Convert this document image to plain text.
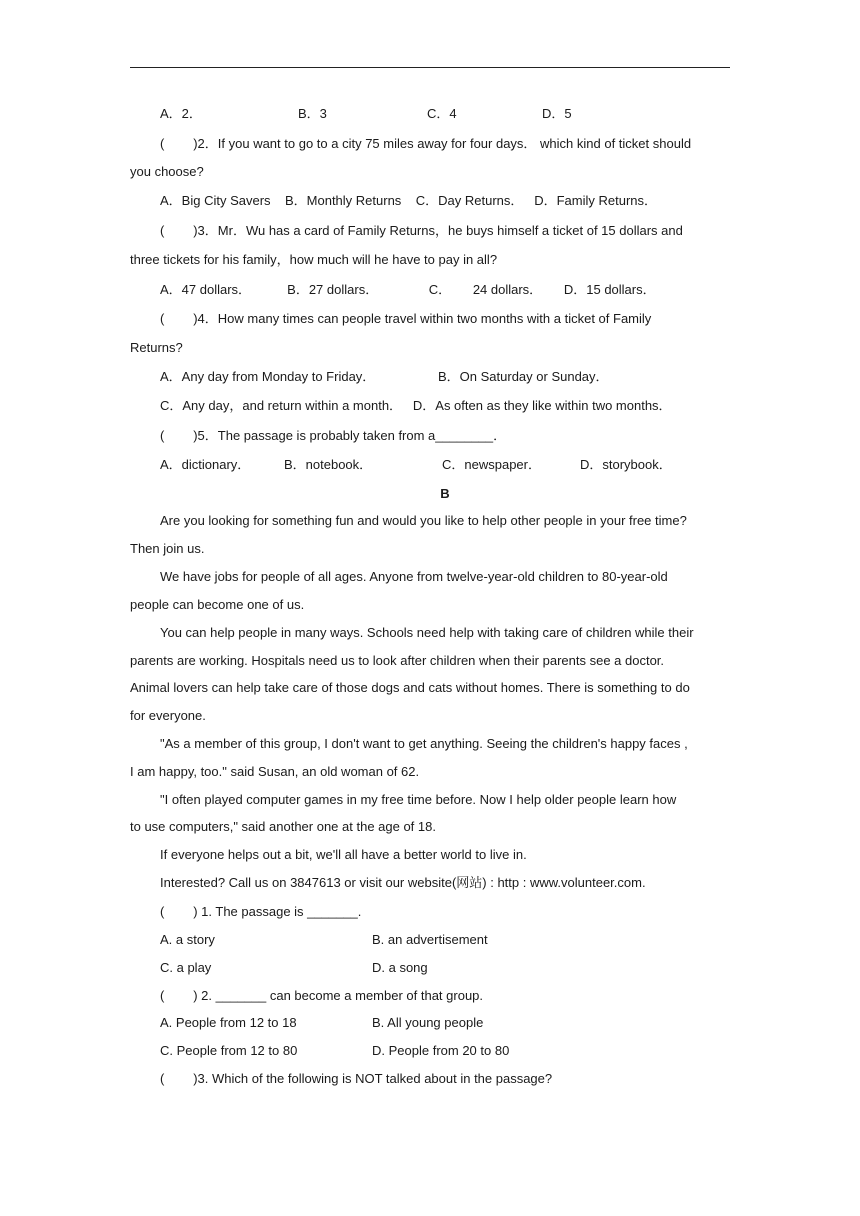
A．2．	B．3	C．4	D．5
(        )2．If you want to go to a city 75 miles away for four days． which kind of ticket should
you choose?
A．Big City Savers    B．Monthly Returns    C．Day Returns．   D．Family Returns．
(        )3．Mr．Wu has a card of Family Returns，he buys himself a ticket of 15 dollars and
three tickets for his family，how much will he have to pay in all?
A．47 dollars．          B．27 dollars．              C．      24 dollars．      D．15 dollars．
(        )4．How many times can people travel within two months with a ticket of Family
Returns?
A．Any day from Monday to Friday．	B．On Saturday or Sunday．
C．Any day，and return within a month．   D．As often as they like within two months．
(        )5．The passage is probably taken from a________．
A．dictionary．	B．notebook．	C．newspaper．	D．storybook．
B
Are you looking for something fun and would you like to help other people in your free time?
Then join us.
We have jobs for people of all ages. Anyone from twelve-year-old children to 80-year-old
people can become one of us.
You can help people in many ways. Schools need help with taking care of children while their
parents are working. Hospitals need us to look after children when their parents see a doctor.
Animal lovers can help take care of those dogs and cats without homes. There is something to do
for everyone.
"As a member of this group, I don't want to get anything. Seeing the children's happy faces ,
I am happy, too." said Susan, an old woman of 62.
"I often played computer games in my free time before. Now I help older people learn how
to use computers," said another one at the age of 18.
If everyone helps out a bit, we'll all have a better world to live in.
Interested? Call us on 3847613 or visit our website(网站) : http : www.volunteer.com.
(        ) 1. The passage is _______.
A. a story	B. an advertisement
C. a play	D. a song
(        ) 2. _______ can become a member of that group.
A. People from 12 to 18	B. All young people
C. People from 12 to 80	D. People from 20 to 80
(        )3. Which of the following is NOT talked about in the passage?
